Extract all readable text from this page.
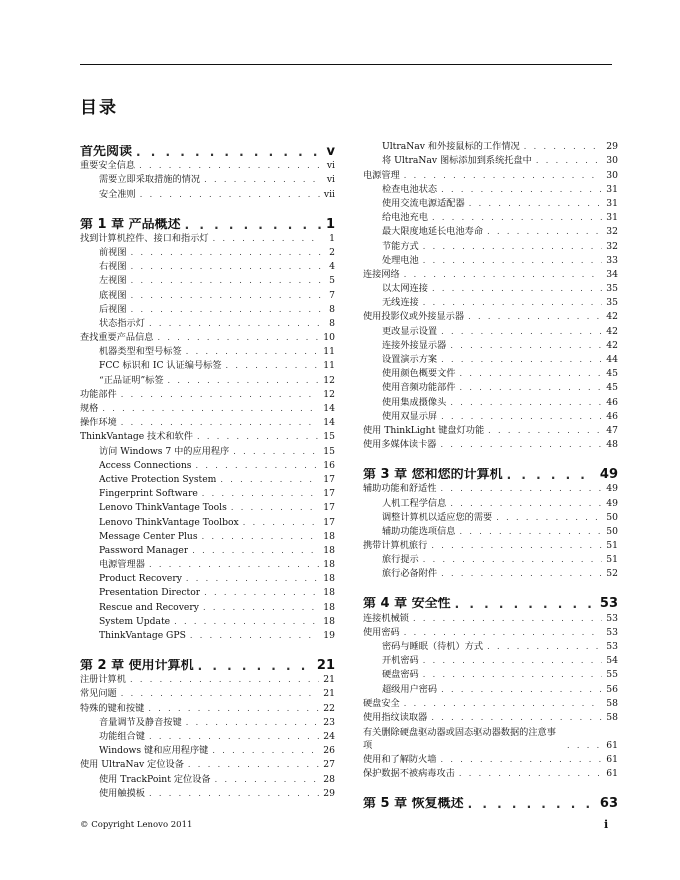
目录
首先阅读 . . .	v
重要安全信息 . . .	vi
需要立即采取措施的情况 . . .	vi
安全准则 . . .	vii
第 1 章 产品概述 . . .	1
找到计算机控件、接口和指示灯 . . .	1
前视图 . . .	2
右视图 . . .	4
左视图 . . .	5
底视图 . . .	7
后视图 . . .	8
状态指示灯 . . .	8
查找重要产品信息 . . .	10
机器类型和型号标签 . . .	11
FCC 标识和 IC 认证编号标签 . . .	11
“正品证明”标签 . . .	12
功能部件 . . .	12
规格 . . .	14
操作环境 . . .	14
ThinkVantage 技术和软件 . . .	15
访问 Windows 7 中的应用程序 . . .	15
Access Connections . . .	16
Active Protection System . . .	17
Fingerprint Software . . .	17
Lenovo ThinkVantage Tools . . .	17
Lenovo ThinkVantage Toolbox . . .	17
Message Center Plus . . .	18
Password Manager . . .	18
电源管理器 . . .	18
Product Recovery . . .	18
Presentation Director . . .	18
Rescue and Recovery . . .	18
System Update . . .	18
ThinkVantage GPS . . .	19
第 2 章 使用计算机 . . .	21
注册计算机 . . .	21
常见问题 . . .	21
特殊的键和按键 . . .	22
音量调节及静音按键 . . .	23
功能组合键 . . .	24
Windows 键和应用程序键 . . .	26
使用 UltraNav 定位设备 . . .	27
使用 TrackPoint 定位设备 . . .	28
使用触摸板 . . .	29
UltraNav 和外接鼠标的工作情况 . . .	29
将 UltraNav 图标添加到系统托盘中 . . .	30
电源管理 . . .	30
检查电池状态 . . .	31
使用交流电源适配器 . . .	31
给电池充电 . . .	31
最大限度地延长电池寿命 . . .	32
节能方式 . . .	32
处理电池 . . .	33
连接网络 . . .	34
以太网连接 . . .	35
无线连接 . . .	35
使用投影仪或外接显示器 . . .	42
更改显示设置 . . .	42
连接外接显示器 . . .	42
设置演示方案 . . .	44
使用颜色概要文件 . . .	45
使用音频功能部件 . . .	45
使用集成摄像头 . . .	46
使用双显示屏 . . .	46
使用 ThinkLight 键盘灯功能 . . .	47
使用多媒体读卡器 . . .	48
第 3 章 您和您的计算机 . . .	49
辅助功能和舒适性 . . .	49
人机工程学信息 . . .	49
调整计算机以适应您的需要 . . .	50
辅助功能选项信息 . . .	50
携带计算机旅行 . . .	51
旅行提示 . . .	51
旅行必备附件 . . .	52
第 4 章 安全性 . . .	53
连接机械锁 . . .	53
使用密码 . . .	53
密码与睡眠（待机）方式 . . .	53
开机密码 . . .	54
硬盘密码 . . .	55
超级用户密码 . . .	56
硬盘安全 . . .	58
使用指纹读取器 . . .	58
有关删除硬盘驱动器或固态驱动器数据的注意事项 . . .	61
使用和了解防火墙 . . .	61
保护数据不被病毒攻击 . . .	61
第 5 章 恢复概述 . . .	63
© Copyright Lenovo 2011	i
